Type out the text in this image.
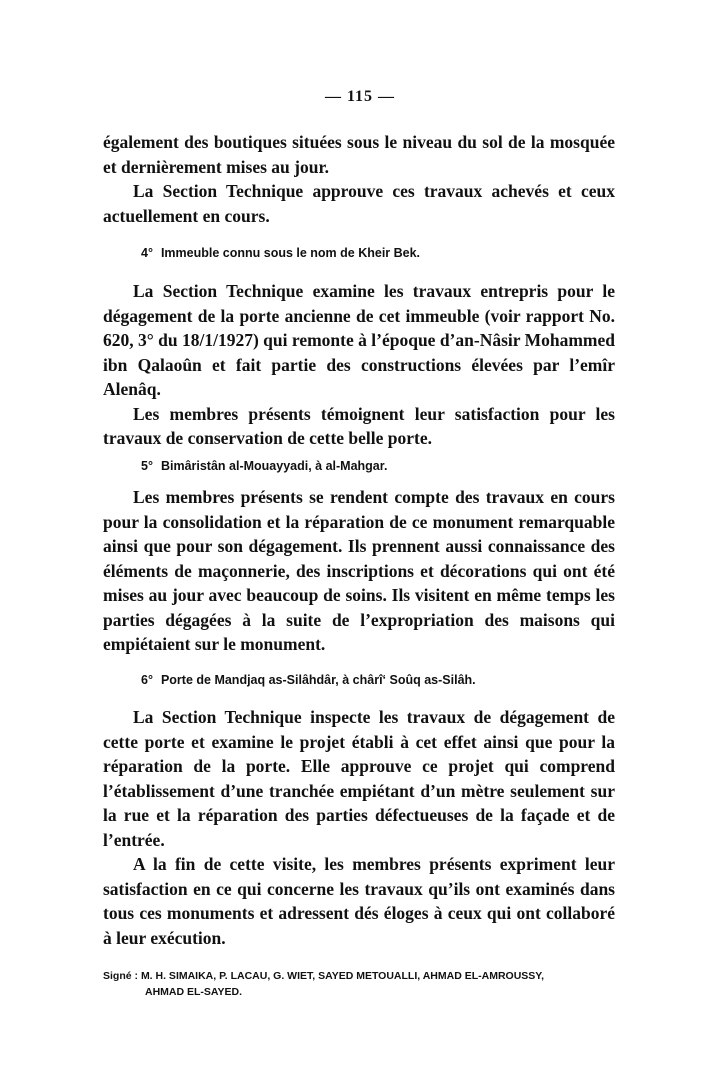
— 115 —

également des boutiques situées sous le niveau du sol de la mosquée et dernièrement mises au jour.

La Section Technique approuve ces travaux achevés et ceux actuellement en cours.

4° Immeuble connu sous le nom de Kheir Bek.

La Section Technique examine les travaux entrepris pour le dégagement de la porte ancienne de cet immeuble (voir rapport No. 620, 3° du 18/1/1927) qui remonte à l’époque d’an-Nâsir Mohammed ibn Qalaoûn et fait partie des constructions élevées par l’emîr Alenâq.

Les membres présents témoignent leur satisfaction pour les travaux de conservation de cette belle porte.

5° Bimâristân al-Mouayyadi, à al-Mahgar.

Les membres présents se rendent compte des travaux en cours pour la consolidation et la réparation de ce monument remarquable ainsi que pour son dégagement. Ils prennent aussi connaissance des éléments de maçonnerie, des inscriptions et décorations qui ont été mises au jour avec beaucoup de soins. Ils visitent en même temps les parties dégagées à la suite de l’expropriation des maisons qui empiétaient sur le monument.

6° Porte de Mandjaq as-Silâhdâr, à chârî‘ Soûq as-Silâh.

La Section Technique inspecte les travaux de dégagement de cette porte et examine le projet établi à cet effet ainsi que pour la réparation de la porte. Elle approuve ce projet qui comprend l’établissement d’une tranchée empiétant d’un mètre seulement sur la rue et la réparation des parties défectueuses de la façade et de l’entrée.

A la fin de cette visite, les membres présents expriment leur satisfaction en ce qui concerne les travaux qu’ils ont examinés dans tous ces monuments et adressent dés éloges à ceux qui ont collaboré à leur exécution.

Signé : M. H. SIMAIKA, P. LACAU, G. WIET, SAYED METOUALLI, AHMAD EL-AMROUSSY,
AHMAD EL-SAYED.
